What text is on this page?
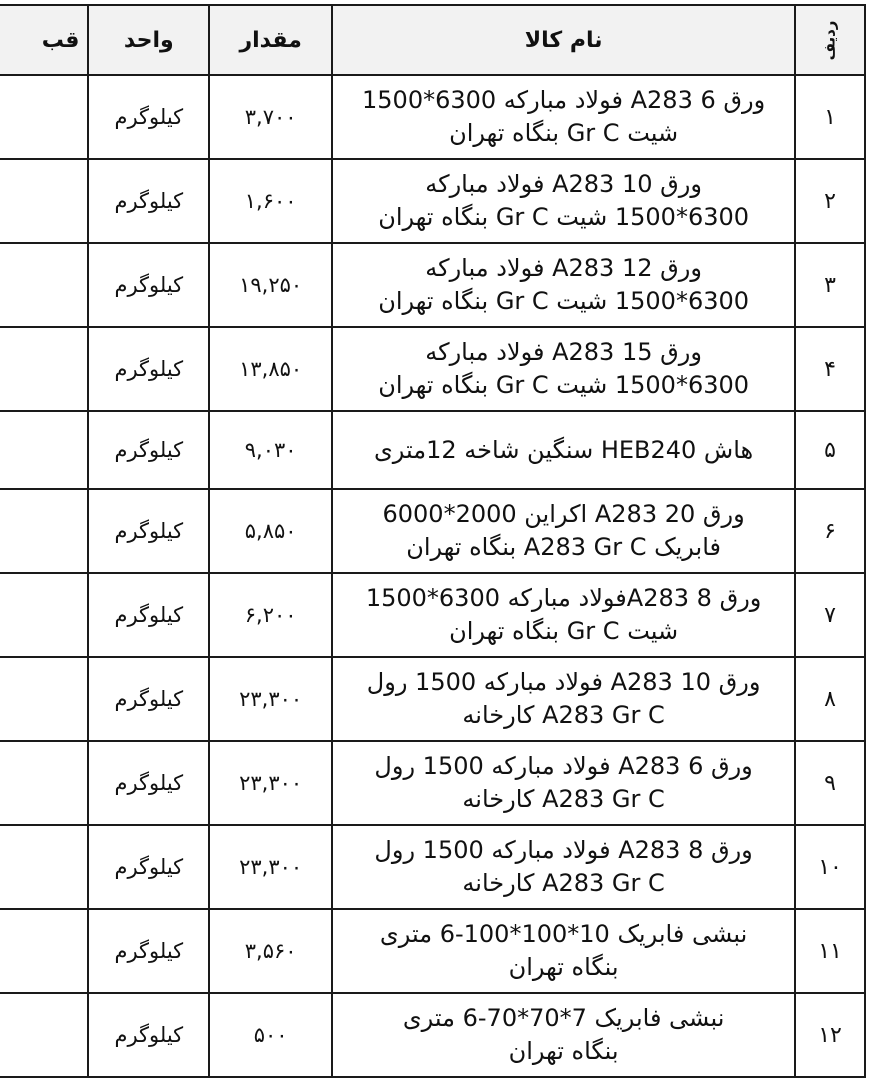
ردیف	نام کالا	مقدار	واحد	قب
۱	ورق 6 A283 فولاد مبارکه 6300*1500
شیت Gr C بنگاه تهران	۳,۷۰۰	کیلوگرم	
۲	ورق 10 A283 فولاد مبارکه
6300*1500 شیت Gr C بنگاه تهران	۱,۶۰۰	کیلوگرم	
۳	ورق 12 A283 فولاد مبارکه
6300*1500 شیت Gr C بنگاه تهران	۱۹,۲۵۰	کیلوگرم	
۴	ورق 15 A283 فولاد مبارکه
6300*1500 شیت Gr C بنگاه تهران	۱۳,۸۵۰	کیلوگرم	
۵	هاش HEB240 سنگین شاخه 12متری	۹,۰۳۰	کیلوگرم	
۶	ورق 20 A283 اکراین 2000*6000
فابریک A283 Gr C بنگاه تهران	۵,۸۵۰	کیلوگرم	
۷	ورق 8 A283فولاد مبارکه 6300*1500
شیت Gr C بنگاه تهران	۶,۲۰۰	کیلوگرم	
۸	ورق 10 A283 فولاد مبارکه 1500 رول
A283 Gr C کارخانه	۲۳,۳۰۰	کیلوگرم	
۹	ورق 6 A283 فولاد مبارکه 1500 رول
A283 Gr C کارخانه	۲۳,۳۰۰	کیلوگرم	
۱۰	ورق 8 A283 فولاد مبارکه 1500 رول
A283 Gr C کارخانه	۲۳,۳۰۰	کیلوگرم	
۱۱	نبشی فابریک 10*100*100-6 متری
بنگاه تهران	۳,۵۶۰	کیلوگرم	
۱۲	نبشی فابریک 7*70*70-6 متری
بنگاه تهران	۵۰۰	کیلوگرم	
